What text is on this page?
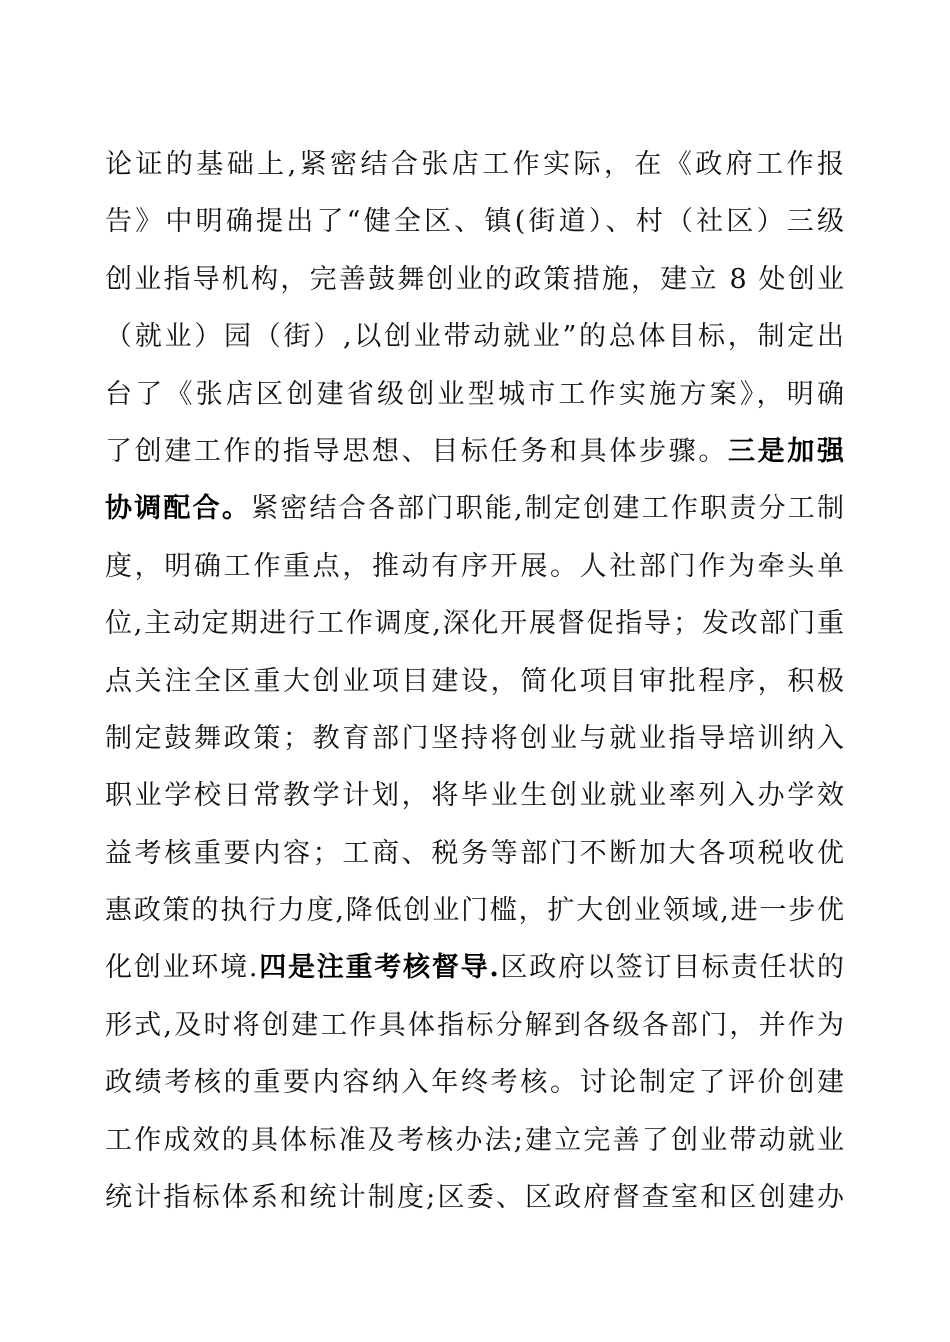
论证的基础上,紧密结合张店工作实际，在《政府工作报
告》中明确提出了“健全区、镇(街道）、村（社区）三级
创业指导机构，完善鼓舞创业的政策措施，建立 8 处创业
（就业）园（街）,以创业带动就业”的总体目标，制定出
台了《张店区创建省级创业型城市工作实施方案》，明确
了创建工作的指导思想、目标任务和具体步骤。三是加强
协调配合。紧密结合各部门职能,制定创建工作职责分工制
度，明确工作重点，推动有序开展。人社部门作为牵头单
位,主动定期进行工作调度,深化开展督促指导；发改部门重
点关注全区重大创业项目建设，简化项目审批程序，积极
制定鼓舞政策；教育部门坚持将创业与就业指导培训纳入
职业学校日常教学计划，将毕业生创业就业率列入办学效
益考核重要内容；工商、税务等部门不断加大各项税收优
惠政策的执行力度,降低创业门槛，扩大创业领域,进一步优
化创业环境.四是注重考核督导.区政府以签订目标责任状的
形式,及时将创建工作具体指标分解到各级各部门，并作为
政绩考核的重要内容纳入年终考核。讨论制定了评价创建
工作成效的具体标准及考核办法;建立完善了创业带动就业
统计指标体系和统计制度;区委、区政府督查室和区创建办
